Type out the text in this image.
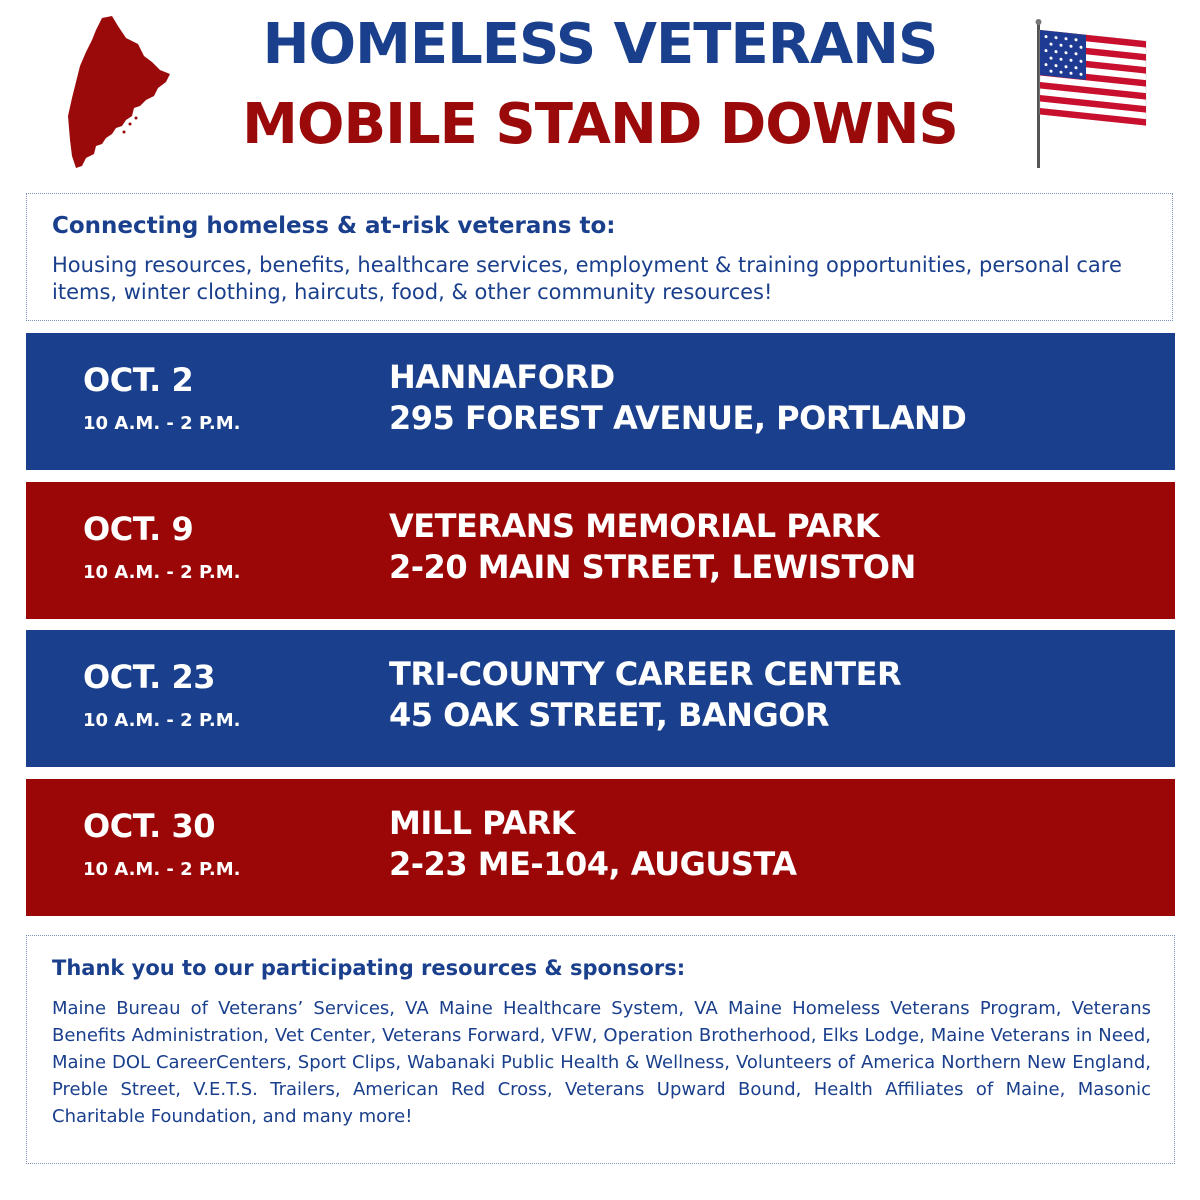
HOMELESS VETERANS
MOBILE STAND DOWNS
Connecting homeless & at-risk veterans to:
Housing resources, benefits, healthcare services, employment & training opportunities, personal care items, winter clothing, haircuts, food, & other community resources!
OCT. 2
10 A.M. - 2 P.M.
HANNAFORD
295 FOREST AVENUE, PORTLAND
OCT. 9
10 A.M. - 2 P.M.
VETERANS MEMORIAL PARK
2-20 MAIN STREET, LEWISTON
OCT. 23
10 A.M. - 2 P.M.
TRI-COUNTY CAREER CENTER
45 OAK STREET, BANGOR
OCT. 30
10 A.M. - 2 P.M.
MILL PARK
2-23 ME-104, AUGUSTA
Thank you to our participating resources & sponsors:
Maine Bureau of Veterans’ Services, VA Maine Healthcare System, VA Maine Homeless Veterans Program, Veterans Benefits Administration, Vet Center, Veterans Forward, VFW, Operation Brotherhood, Elks Lodge, Maine Veterans in Need, Maine DOL CareerCenters, Sport Clips, Wabanaki Public Health & Wellness, Volunteers of America Northern New England, Preble Street, V.E.T.S. Trailers, American Red Cross, Veterans Upward Bound, Health Affiliates of Maine, Masonic Charitable Foundation, and many more!
